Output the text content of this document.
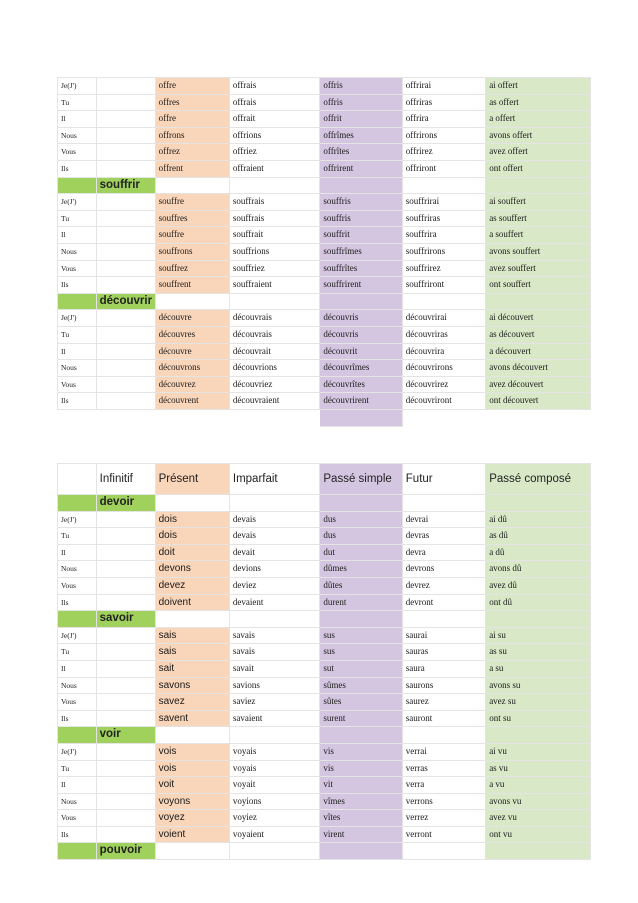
Je(J')		offre	offrais	offris	offrirai	ai offert
Tu		offres	offrais	offris	offriras	as offert
Il		offre	offrait	offrit	offrira	a offert
Nous		offrons	offrions	offrîmes	offrirons	avons offert
Vous		offrez	offriez	offrîtes	offrirez	avez offert
Ils		offrent	offraient	offrirent	offriront	ont offert
	souffrir					
Je(J')		souffre	souffrais	souffris	souffrirai	ai souffert
Tu		souffres	souffrais	souffris	souffriras	as souffert
Il		souffre	souffrait	souffrit	souffrira	a souffert
Nous		souffrons	souffrions	souffrîmes	souffrirons	avons souffert
Vous		souffrez	souffriez	souffrîtes	souffrirez	avez souffert
Ils		souffrent	souffraient	souffrirent	souffriront	ont souffert
	découvrir					
Je(J')		découvre	découvrais	découvris	découvrirai	ai découvert
Tu		découvres	découvrais	découvris	découvriras	as découvert
Il		découvre	découvrait	découvrit	découvrira	a découvert
Nous		découvrons	découvrions	découvrîmes	découvrirons	avons découvert
Vous		découvrez	découvriez	découvrîtes	découvrirez	avez découvert
Ils		découvrent	découvraient	découvrirent	découvriront	ont découvert

	Infinitif	Présent	Imparfait	Passé simple	Futur	Passé composé
	devoir					
Je(J')		dois	devais	dus	devrai	ai dû
Tu		dois	devais	dus	devras	as dû
Il		doit	devait	dut	devra	a dû
Nous		devons	devions	dûmes	devrons	avons dû
Vous		devez	deviez	dûtes	devrez	avez dû
Ils		doivent	devaient	durent	devront	ont dû
	savoir					
Je(J')		sais	savais	sus	saurai	ai su
Tu		sais	savais	sus	sauras	as su
Il		sait	savait	sut	saura	a su
Nous		savons	savions	sûmes	saurons	avons su
Vous		savez	saviez	sûtes	saurez	avez su
Ils		savent	savaient	surent	sauront	ont su
	voir					
Je(J')		vois	voyais	vis	verrai	ai vu
Tu		vois	voyais	vis	verras	as vu
Il		voit	voyait	vit	verra	a vu
Nous		voyons	voyions	vîmes	verrons	avons vu
Vous		voyez	voyiez	vîtes	verrez	avez vu
Ils		voient	voyaient	virent	verront	ont vu
	pouvoir					
